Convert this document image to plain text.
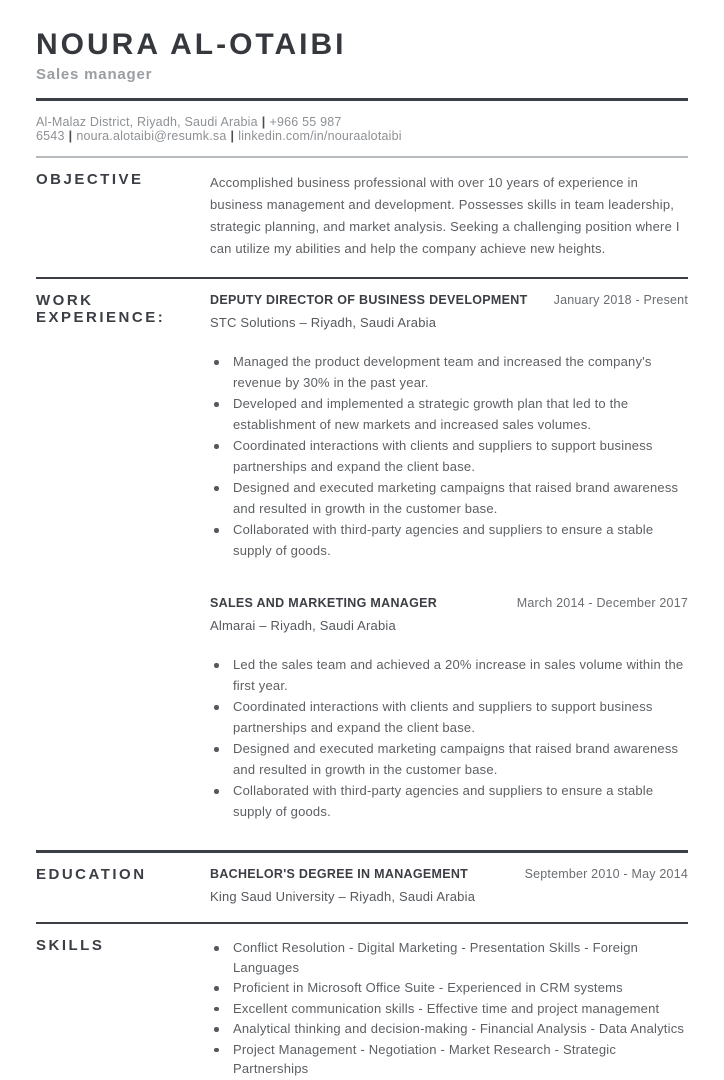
NOURA AL-OTAIBI
Sales manager
Al-Malaz District, Riyadh, Saudi Arabia | +966 55 987 6543 | noura.alotaibi@resumk.sa | linkedin.com/in/nouraalotaibi
OBJECTIVE	Accomplished business professional with over 10 years of experience in business management and development. Possesses skills in team leadership, strategic planning, and market analysis. Seeking a challenging position where I can utilize my abilities and help the company achieve new heights.
WORK EXPERIENCE:
DEPUTY DIRECTOR OF BUSINESS DEVELOPMENT January 2018 - Present
STC Solutions – Riyadh, Saudi Arabia
Managed the product development team and increased the company's revenue by 30% in the past year.
Developed and implemented a strategic growth plan that led to the establishment of new markets and increased sales volumes.
Coordinated interactions with clients and suppliers to support business partnerships and expand the client base.
Designed and executed marketing campaigns that raised brand awareness and resulted in growth in the customer base.
Collaborated with third-party agencies and suppliers to ensure a stable supply of goods.
SALES AND MARKETING MANAGER	March 2014 - December 2017
Almarai – Riyadh, Saudi Arabia
Led the sales team and achieved a 20% increase in sales volume within the first year.
Coordinated interactions with clients and suppliers to support business partnerships and expand the client base.
Designed and executed marketing campaigns that raised brand awareness and resulted in growth in the customer base.
Collaborated with third-party agencies and suppliers to ensure a stable supply of goods.
EDUCATION	BACHELOR'S DEGREE IN MANAGEMENT	September 2010 - May 2014
King Saud University – Riyadh, Saudi Arabia
SKILLS	Conflict Resolution - Digital Marketing - Presentation Skills - Foreign Languages
Proficient in Microsoft Office Suite - Experienced in CRM systems
Excellent communication skills - Effective time and project management
Analytical thinking and decision-making - Financial Analysis - Data Analytics
Project Management - Negotiation - Market Research - Strategic Partnerships
